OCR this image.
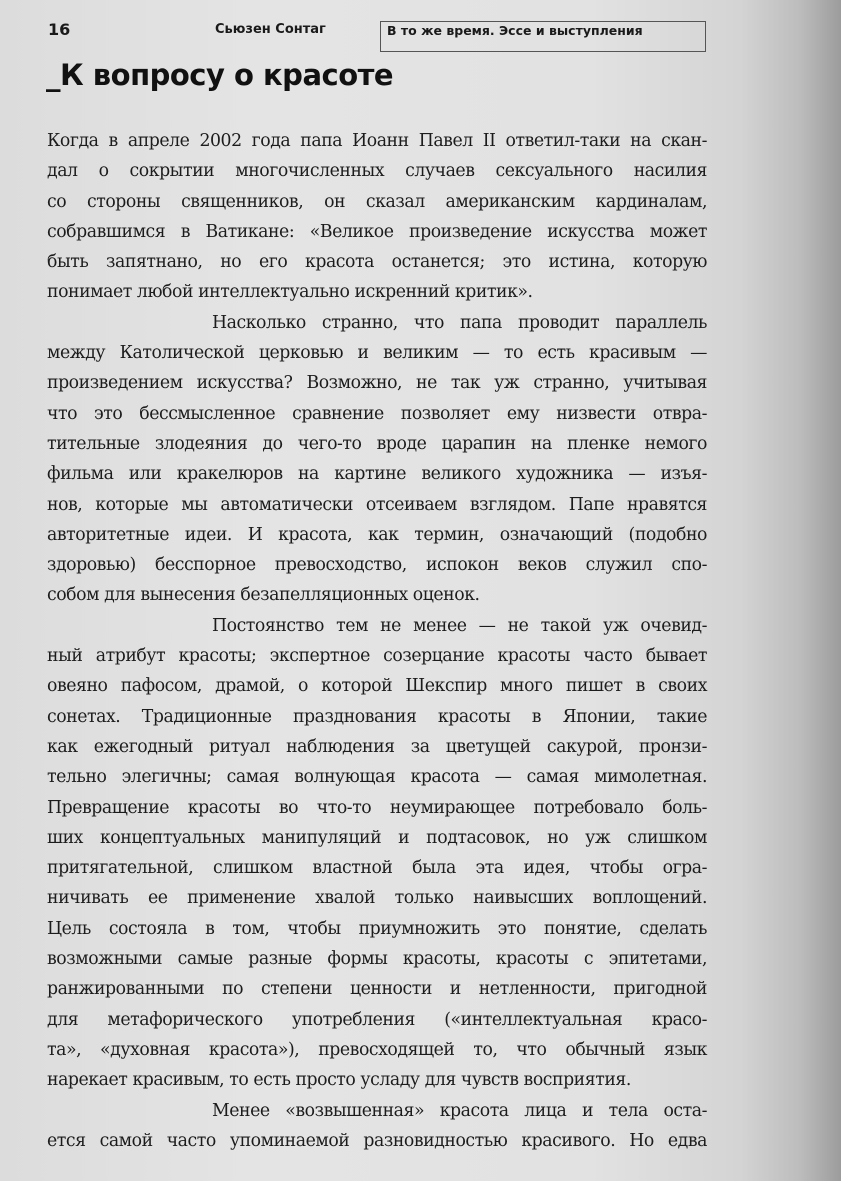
16	Сьюзен Сонтаг	В то же время. Эссе и выступления
_К вопросу о красоте
Когда в апреле 2002 года папа Иоанн Павел II ответил-таки на скан-
дал о сокрытии многочисленных случаев сексуального насилия
со стороны священников, он сказал американским кардиналам,
собравшимся в Ватикане: «Великое произведение искусства может
быть запятнано, но его красота останется; это истина, которую
понимает любой интеллектуально искренний критик».
Насколько странно, что папа проводит параллель
между Католической церковью и великим — то есть красивым —
произведением искусства? Возможно, не так уж странно, учитывая
что это бессмысленное сравнение позволяет ему низвести отвра-
тительные злодеяния до чего-то вроде царапин на пленке немого
фильма или кракелюров на картине великого художника — изъя-
нов, которые мы автоматически отсеиваем взглядом. Папе нравятся
авторитетные идеи. И красота, как термин, означающий (подобно
здоровью) бесспорное превосходство, испокон веков служил спо-
собом для вынесения безапелляционных оценок.
Постоянство тем не менее — не такой уж очевид-
ный атрибут красоты; экспертное созерцание красоты часто бывает
овеяно пафосом, драмой, о которой Шекспир много пишет в своих
сонетах. Традиционные празднования красоты в Японии, такие
как ежегодный ритуал наблюдения за цветущей сакурой, пронзи-
тельно элегичны; самая волнующая красота — самая мимолетная.
Превращение красоты во что-то неумирающее потребовало боль-
ших концептуальных манипуляций и подтасовок, но уж слишком
притягательной, слишком властной была эта идея, чтобы огра-
ничивать ее применение хвалой только наивысших воплощений.
Цель состояла в том, чтобы приумножить это понятие, сделать
возможными самые разные формы красоты, красоты с эпитетами,
ранжированными по степени ценности и нетленности, пригодной
для метафорического употребления («интеллектуальная красо-
та», «духовная красота»), превосходящей то, что обычный язык
нарекает красивым, то есть просто усладу для чувств восприятия.
Менее «возвышенная» красота лица и тела оста-
ется самой часто упоминаемой разновидностью красивого. Но едва
